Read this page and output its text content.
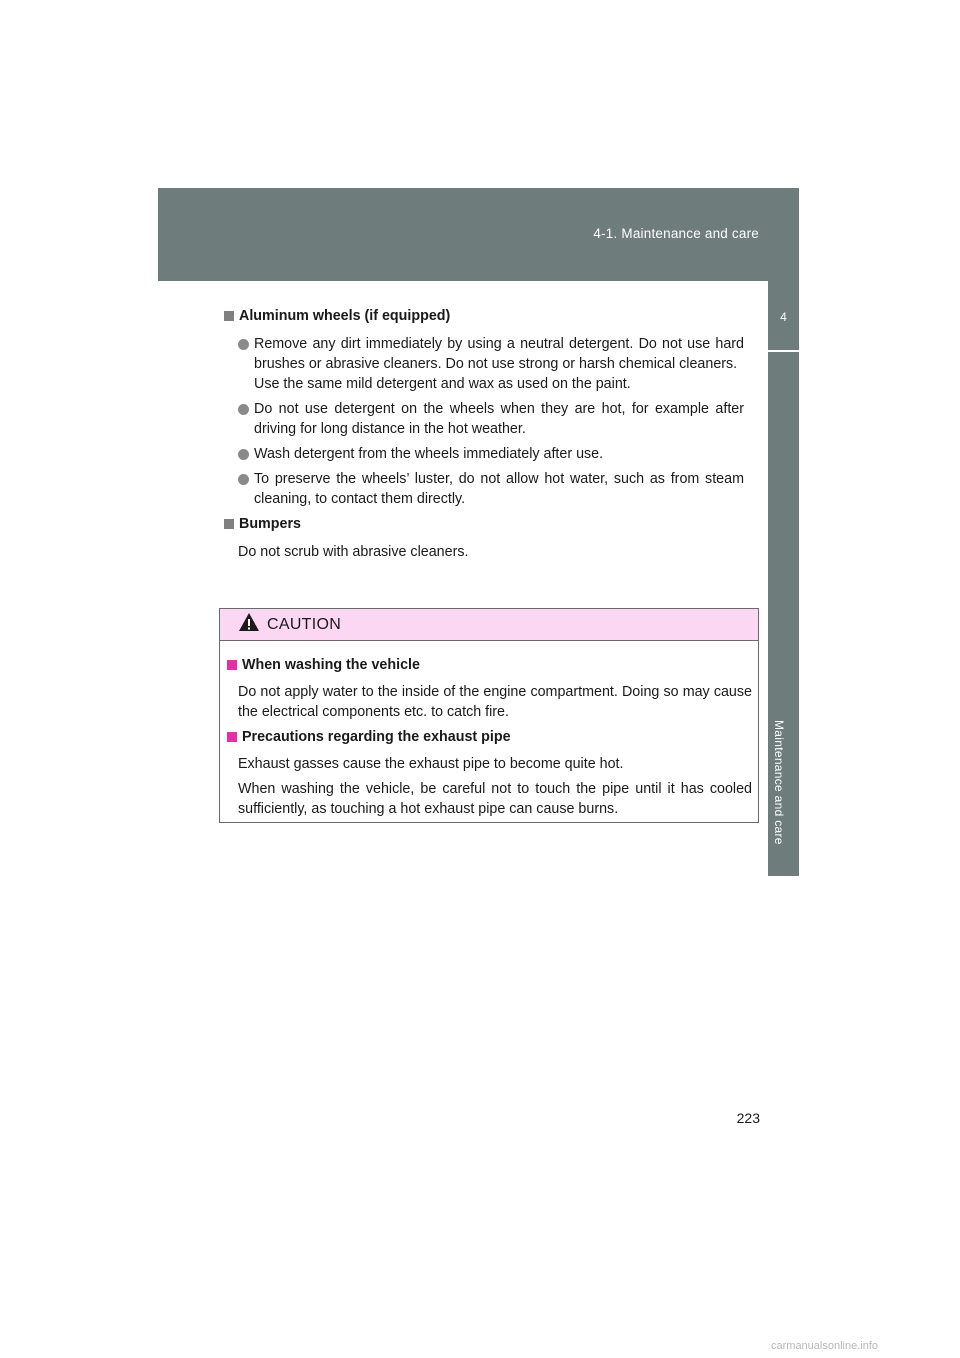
4-1. Maintenance and care
4
Maintenance and care
Aluminum wheels (if equipped)

Remove any dirt immediately by using a neutral detergent. Do not use hard brushes or abrasive cleaners. Do not use strong or harsh chemical cleaners.

Use the same mild detergent and wax as used on the paint.

Do not use detergent on the wheels when they are hot, for example after driving for long distance in the hot weather.

Wash detergent from the wheels immediately after use.

To preserve the wheels’ luster, do not allow hot water, such as from steam cleaning, to contact them directly.

Bumpers
Do not scrub with abrasive cleaners.
CAUTION
When washing the vehicle
Do not apply water to the inside of the engine compartment. Doing so may cause the electrical components etc. to catch fire.
Precautions regarding the exhaust pipe
Exhaust gasses cause the exhaust pipe to become quite hot.
When washing the vehicle, be careful not to touch the pipe until it has cooled sufficiently, as touching a hot exhaust pipe can cause burns.
223
carmanualsonline.info
